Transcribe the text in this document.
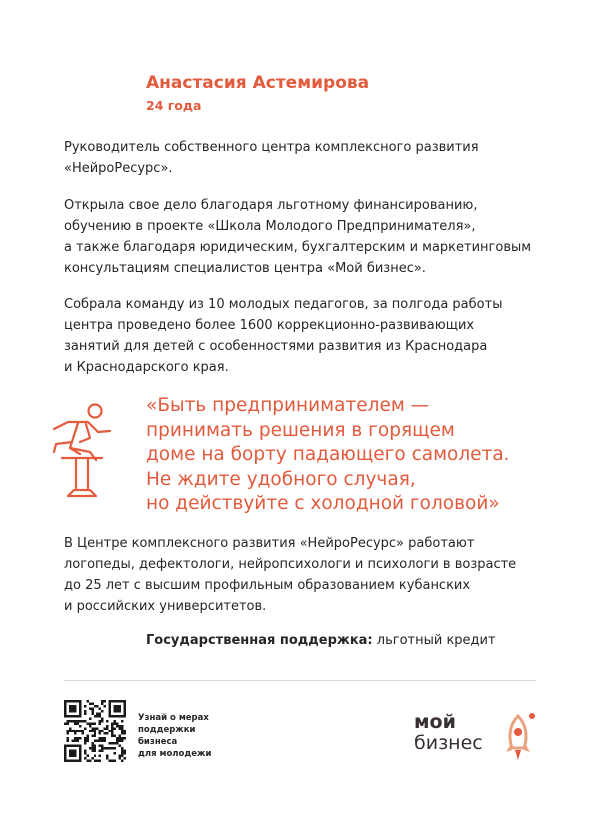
Анастасия Астемирова
24 года
Руководитель собственного центра комплексного развития
«НейроРесурс».
Открыла свое дело благодаря льготному финансированию,
обучению в проекте «Школа Молодого Предпринимателя»,
а также благодаря юридическим, бухгалтерским и маркетинговым
консультациям специалистов центра «Мой бизнес».
Собрала команду из 10 молодых педагогов, за полгода работы
центра проведено более 1600 коррекционно-развивающих
занятий для детей с особенностями развития из Краснодара
и Краснодарского края.
«Быть предпринимателем —
принимать решения в горящем
доме на борту падающего самолета.
Не ждите удобного случая,
но действуйте с холодной головой»
В Центре комплексного развития «НейроРесурс» работают
логопеды, дефектологи, нейропсихологи и психологи в возрасте
до 25 лет с высшим профильным образованием кубанских
и российских университетов.
Государственная поддержка: льготный кредит
Узнай о мерах
поддержки
бизнеса
для молодежи
мой
бизнес
